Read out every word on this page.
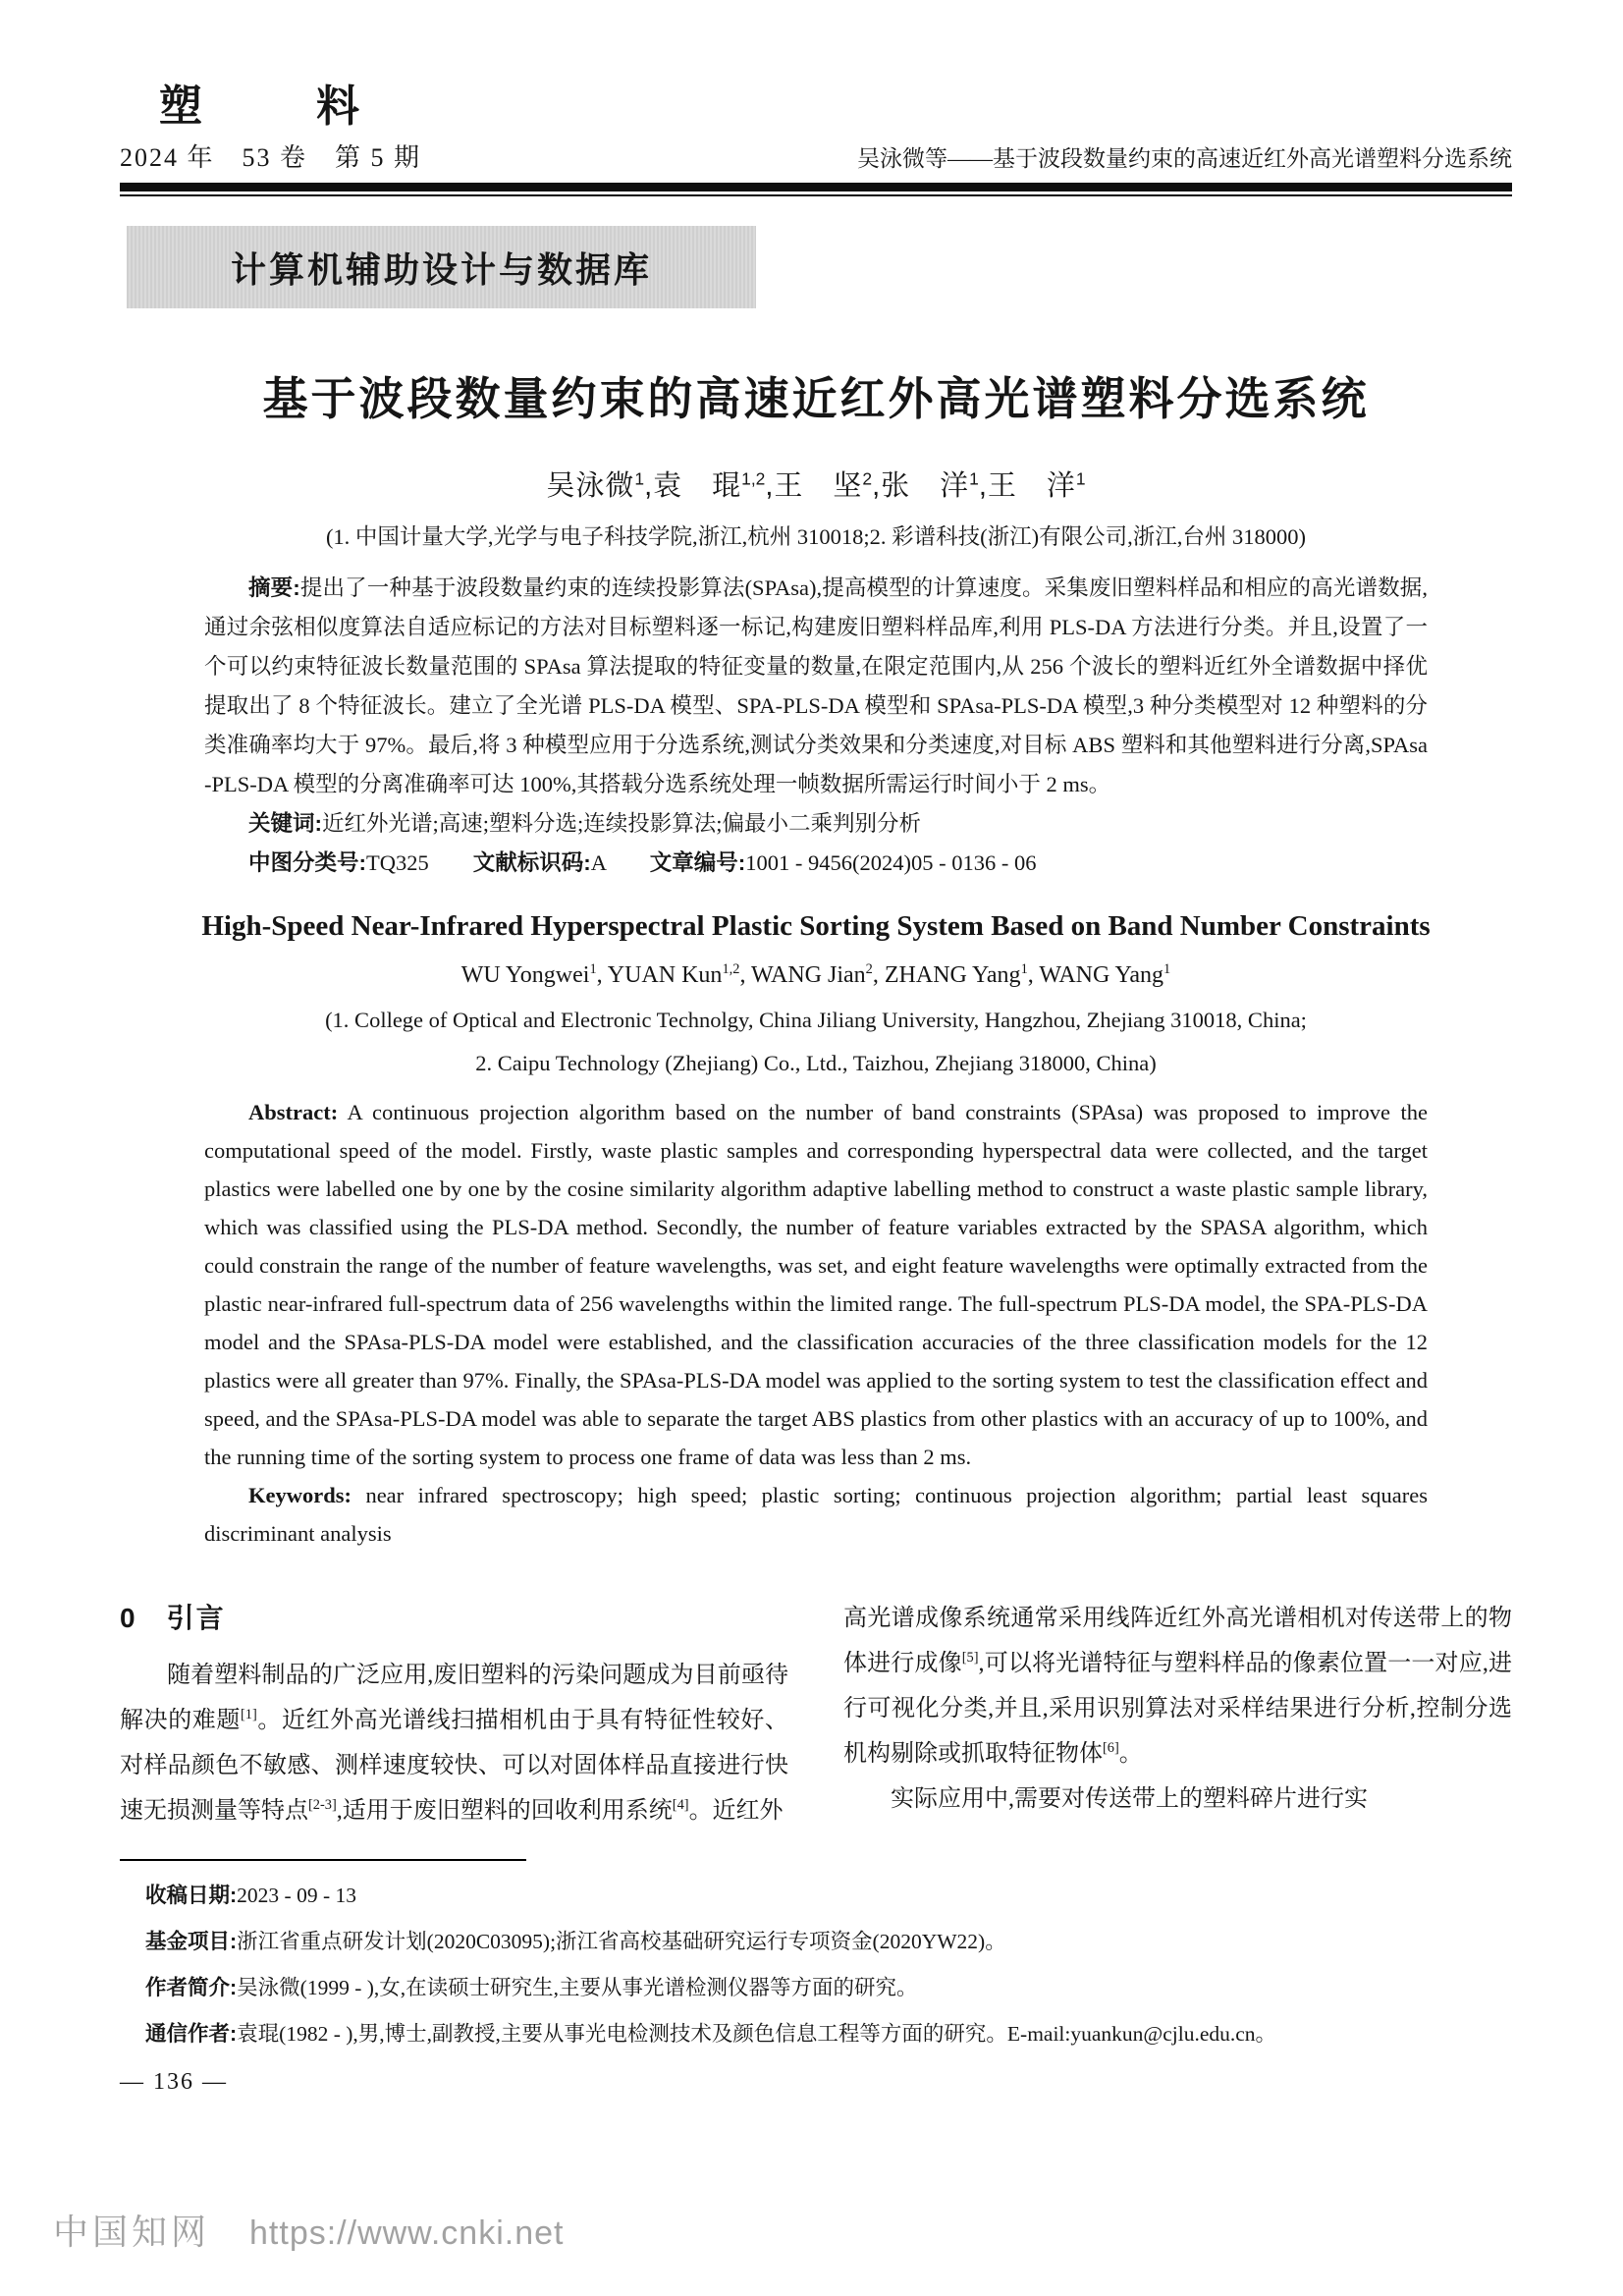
塑　料
2024 年　53 卷　第 5 期	吴泳微等——基于波段数量约束的高速近红外高光谱塑料分选系统
计算机辅助设计与数据库
基于波段数量约束的高速近红外高光谱塑料分选系统
吴泳微$^1$,袁　琨$^{1,2}$,王　坚$^2$,张　洋$^1$,王　洋$^1$
(1. 中国计量大学,光学与电子科技学院,浙江,杭州 310018;2. 彩谱科技(浙江)有限公司,浙江,台州 318000)

摘要:提出了一种基于波段数量约束的连续投影算法(SPAsa),提高模型的计算速度。采集废旧塑料样品和相应的高光谱数据,通过余弦相似度算法自适应标记的方法对目标塑料逐一标记,构建废旧塑料样品库,利用 PLS-DA 方法进行分类。并且,设置了一个可以约束特征波长数量范围的 SPAsa 算法提取的特征变量的数量,在限定范围内,从 256 个波长的塑料近红外全谱数据中择优提取出了 8 个特征波长。建立了全光谱 PLS-DA 模型、SPA-PLS-DA 模型和 SPAsa-PLS-DA 模型,3 种分类模型对 12 种塑料的分类准确率均大于 97%。最后,将 3 种模型应用于分选系统,测试分类效果和分类速度,对目标 ABS 塑料和其他塑料进行分离,SPAsa-PLS-DA 模型的分离准确率可达 100%,其搭载分选系统处理一帧数据所需运行时间小于 2 ms。

关键词:近红外光谱;高速;塑料分选;连续投影算法;偏最小二乘判别分析

中图分类号:TQ325　　 文献标识码:A　　 文章编号:1001 - 9456(2024)05 - 0136 - 06

High-Speed Near-Infrared Hyperspectral Plastic Sorting System Based on Band Number Constraints
WU Yongwei$^1$, YUAN Kun$^{1,2}$, WANG Jian$^2$, ZHANG Yang$^1$, WANG Yang$^1$
(1. College of Optical and Electronic Technolgy, China Jiliang University, Hangzhou, Zhejiang 310018, China;
2. Caipu Technology (Zhejiang) Co., Ltd., Taizhou, Zhejiang 318000, China)

Abstract: A continuous projection algorithm based on the number of band constraints (SPAsa) was proposed to improve the computational speed of the model. Firstly, waste plastic samples and corresponding hyperspectral data were collected, and the target plastics were labelled one by one by the cosine similarity algorithm adaptive labelling method to construct a waste plastic sample library, which was classified using the PLS-DA method. Secondly, the number of feature variables extracted by the SPASA algorithm, which could constrain the range of the number of feature wavelengths, was set, and eight feature wavelengths were optimally extracted from the plastic near-infrared full-spectrum data of 256 wavelengths within the limited range. The full-spectrum PLS-DA model, the SPA-PLS-DA model and the SPAsa-PLS-DA model were established, and the classification accuracies of the three classification models for the 12 plastics were all greater than 97%. Finally, the SPAsa-PLS-DA model was applied to the sorting system to test the classification effect and speed, and the SPAsa-PLS-DA model was able to separate the target ABS plastics from other plastics with an accuracy of up to 100%, and the running time of the sorting system to process one frame of data was less than 2 ms.

Keywords: near infrared spectroscopy; high speed; plastic sorting; continuous projection algorithm; partial least squares discriminant analysis

0　引言

随着塑料制品的广泛应用,废旧塑料的污染问题成为目前亟待解决的难题[1]。近红外高光谱线扫描相机由于具有特征性较好、对样品颜色不敏感、测样速度较快、可以对固体样品直接进行快速无损测量等特点[2-3],适用于废旧塑料的回收利用系统[4]。近红外

高光谱成像系统通常采用线阵近红外高光谱相机对传送带上的物体进行成像[5],可以将光谱特征与塑料样品的像素位置一一对应,进行可视化分类,并且,采用识别算法对采样结果进行分析,控制分选机构剔除或抓取特征物体[6]。

实际应用中,需要对传送带上的塑料碎片进行实

收稿日期:2023 - 09 - 13
基金项目:浙江省重点研发计划(2020C03095);浙江省高校基础研究运行专项资金(2020YW22)。
作者简介:吴泳微(1999 - ),女,在读硕士研究生,主要从事光谱检测仪器等方面的研究。
通信作者:袁琨(1982 - ),男,博士,副教授,主要从事光电检测技术及颜色信息工程等方面的研究。E-mail:yuankun@cjlu.edu.cn。
— 136 —
中国知网 https://www.cnki.net
